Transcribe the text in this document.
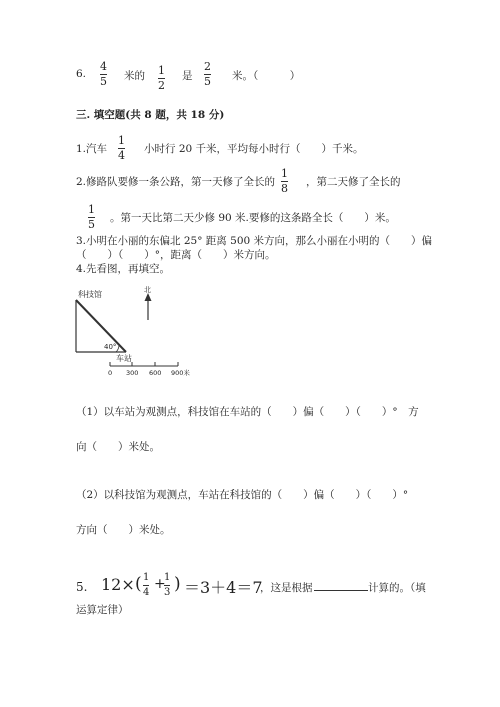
6.
4
5 米的 1
2
是
2
5 米。（　　　）
三. 填空题(共 8 题，共 18 分)
1.汽车
1
4 小时行 20 千米，平均每小时行（　　）千米。
2.修路队要修一条公路，第一天修了全长的
1
8 ，第二天修了全长的
1
5 。第一天比第二天少修 90 米.要修的这条路全长（　　）米。
3.小明在小丽的东偏北 25° 距离 500 米方向，那么小丽在小明的（　　）偏
（　　）（　　）°，距离（　　）米方向。
4.先看图，再填空。
科技馆	北
40°
车站
0 300 600 900米
（1）以车站为观测点，科技馆在车站的（　　）偏（　　）（　　）°　方
向（　　）米处。
（2）以科技馆为观测点，车站在科技馆的（　　）偏（　　）（　　）°
方向（　　）米处。
5. 12× ( 1
4
+
1
3 ) ＝3＋4＝7
，这是根据	计算的。（填
运算定律）
